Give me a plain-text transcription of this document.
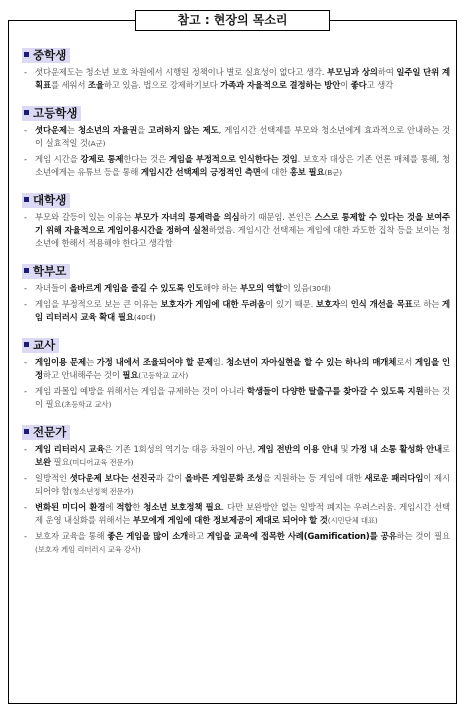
참고 : 현장의 목소리
중학생
- 셧다운제도는 청소년 보호 차원에서 시행된 정책이나 별로 실효성이 없다고 생각. 부모님과 상의하여 일주일 단위 계획표를 세워서 조율하고 있음. 법으로 강제하기보다 가족과 자율적으로 결정하는 방안이 좋다고 생각
고등학생
- 셧다운제는 청소년의 자율권을 고려하지 않는 제도, 게임시간 선택제를 부모와 청소년에게 효과적으로 안내하는 것이 실효적일 것(A군)
- 게임 시간을 강제로 통제한다는 것은 게임을 부정적으로 인식한다는 것임. 보호자 대상은 기존 언론 매체를 통해, 청소년에게는 유튜브 등을 통해 게임시간 선택제의 긍정적인 측면에 대한 홍보 필요(B군)
대학생
- 부모와 갈등이 있는 이유는 부모가 자녀의 통제력을 의심하기 때문임. 본인은 스스로 통제할 수 있다는 것을 보여주기 위해 자율적으로 게임이용시간을 정하여 실천하였음. 게임시간 선택제는 게임에 대한 과도한 집착 등을 보이는 청소년에 한해서 적용해야 한다고 생각함
학부모
- 자녀들이 올바르게 게임을 즐길 수 있도록 인도해야 하는 부모의 역할이 있음(30대)
- 게임을 부정적으로 보는 큰 이유는 보호자가 게임에 대한 두려움이 있기 때문. 보호자의 인식 개선을 목표로 하는 게임 리터러시 교육 확대 필요(40대)
교사
- 게임이용 문제는 가정 내에서 조율되어야 할 문제임. 청소년이 자아실현을 할 수 있는 하나의 매개체로서 게임을 인정하고 안내해주는 것이 필요(고등학교 교사)
- 게임 과몰입 예방을 위해서는 게임을 규제하는 것이 아니라 학생들이 다양한 탈출구를 찾아갈 수 있도록 지원하는 것이 필요(초등학교 교사)
전문가
- 게임 리터러시 교육은 기존 1회성의 역기능 대응 차원이 아닌, 게임 전반의 이용 안내 및 가정 내 소통 활성화 안내로 보완 필요(미디어교육 전문가)
- 일방적인 셧다운제 보다는 선진국과 같이 올바른 게임문화 조성을 지원하는 등 게임에 대한 새로운 패러다임이 제시되어야 함(청소년정책 전문가)
- 변화된 미디어 환경에 적합한 청소년 보호정책 필요. 다만 보완방안 없는 일방적 폐지는 우려스러움. 게임시간 선택제 운영 내실화를 위해서는 부모에게 게임에 대한 정보제공이 제대로 되어야 할 것(시민단체 대표)
- 보호자 교육을 통해 좋은 게임을 많이 소개하고 게임을 교육에 접목한 사례(Gamification)를 공유하는 것이 필요(보호자 게임 리터러시 교육 강사)
